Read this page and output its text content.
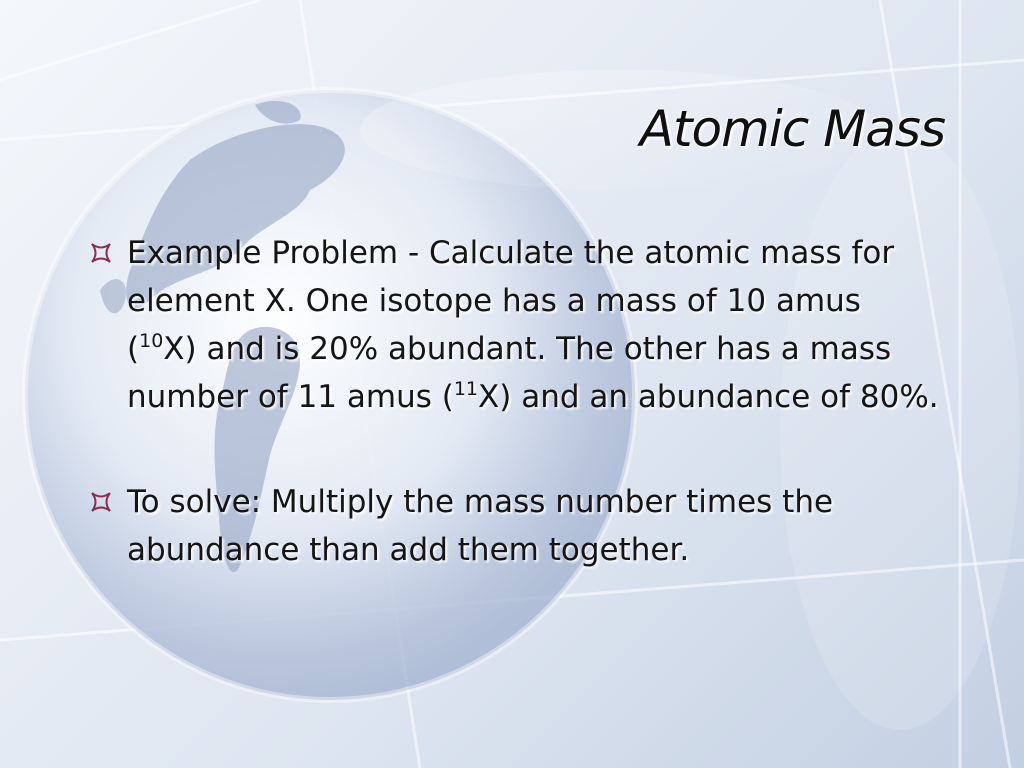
Atomic Mass
Example Problem - Calculate the atomic mass for element X. One isotope has a mass of 10 amus ($^{10}$X) and is 20% abundant. The other has a mass number of 11 amus ($^{11}$X) and an abundance of 80%.
To solve: Multiply the mass number times the abundance than add them together.
